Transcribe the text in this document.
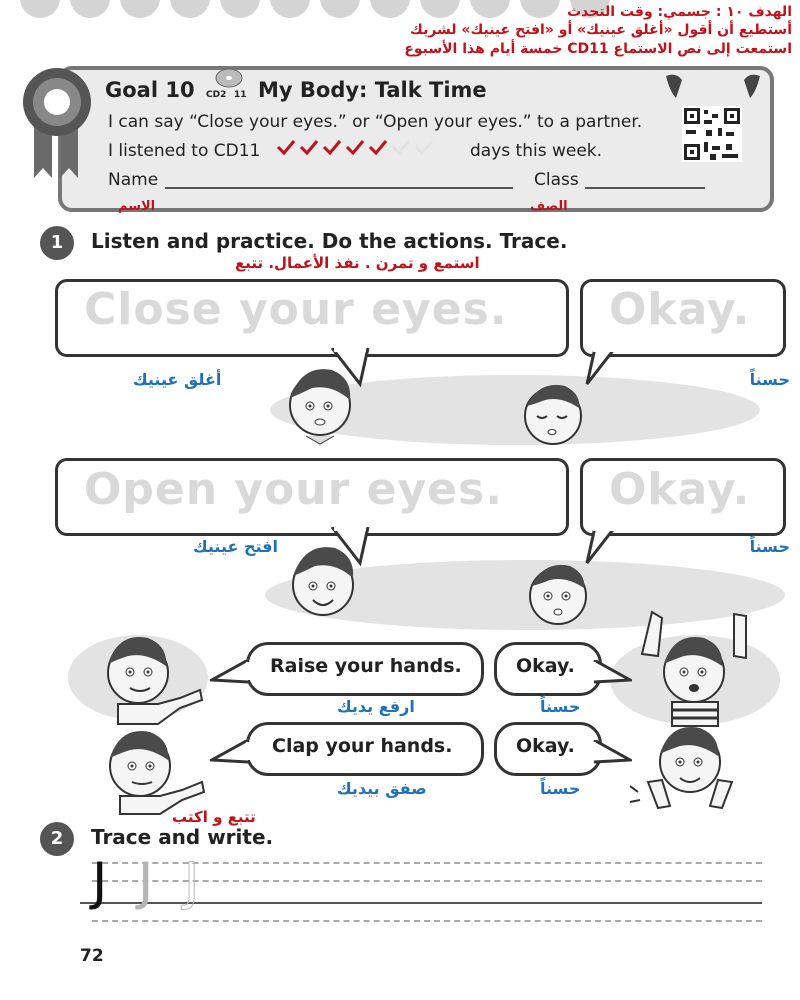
الهدف ١٠ : جسمي: وقت التحدث
أستطيع أن أقول «أغلق عينيك» أو «افتح عينيك» لشريك
استمعت إلى نص الاستماع CD11 خمسة أيام هذا الأسبوع
Goal 10 CD2 11 My Body: Talk Time
I can say “Close your eyes.” or “Open your eyes.” to a partner.
I listened to CD11	days this week.
Name	Class
الاسم	الصف
1	Listen and practice. Do the actions. Trace.
استمع و تمرن . نفذ الأعمال. تتبع
Close your eyes. Okay.
أغلق عينيك	حسناً
Open your eyes. Okay.
افتح عينيك	حسناً
Raise your hands.	Okay.
ارفع يديك	حسناً
Clap your hands.	Okay.
صفق بيديك	حسناً
2	Trace and write.
تتبع و اكتب
J J J
72
